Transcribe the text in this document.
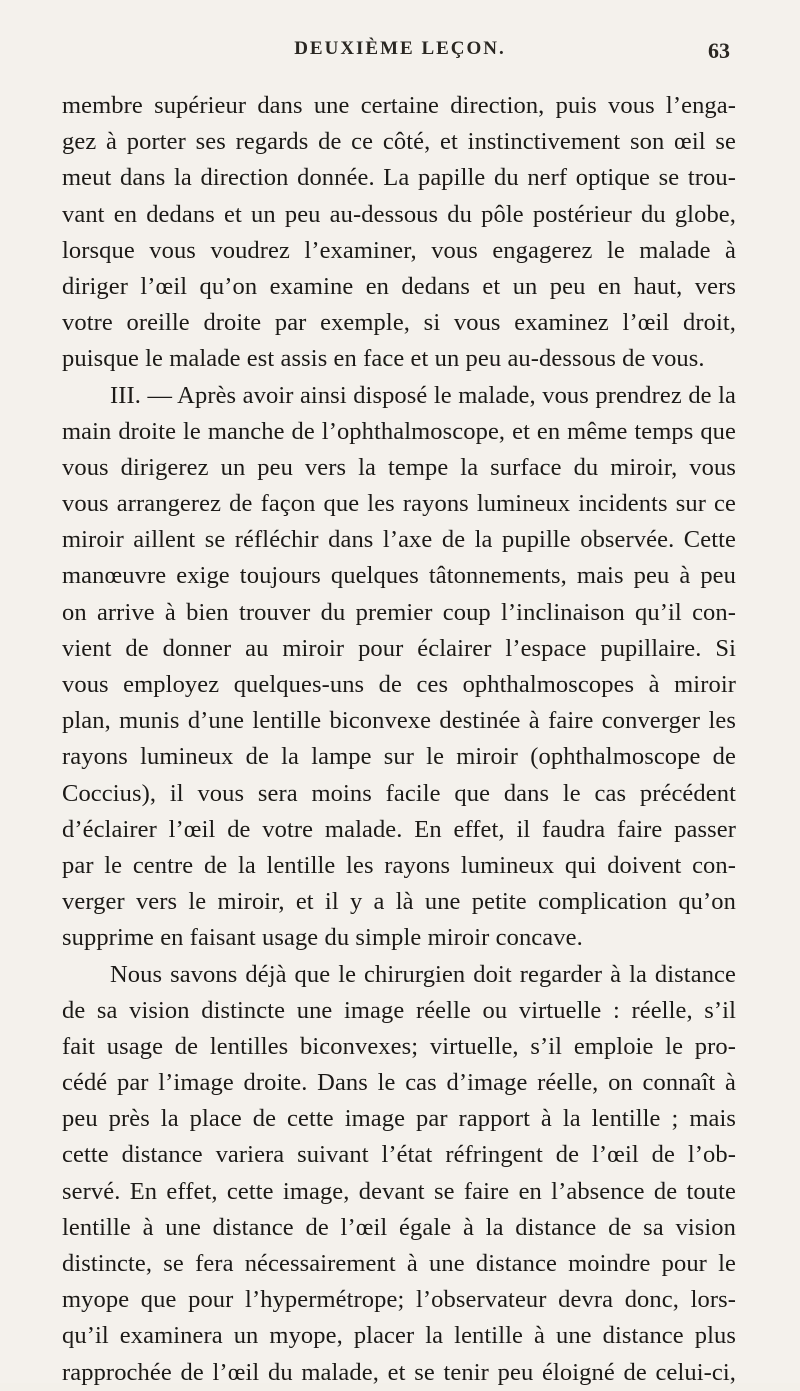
DEUXIÈME LEÇON.	63
membre supérieur dans une certaine direction, puis vous l’enga-
gez à porter ses regards de ce côté, et instinctivement son œil se
meut dans la direction donnée. La papille du nerf optique se trou-
vant en dedans et un peu au-dessous du pôle postérieur du globe,
lorsque vous voudrez l’examiner, vous engagerez le malade à
diriger l’œil qu’on examine en dedans et un peu en haut, vers
votre oreille droite par exemple, si vous examinez l’œil droit,
puisque le malade est assis en face et un peu au-dessous de vous.
III. — Après avoir ainsi disposé le malade, vous prendrez de la
main droite le manche de l’ophthalmoscope, et en même temps que
vous dirigerez un peu vers la tempe la surface du miroir, vous
vous arrangerez de façon que les rayons lumineux incidents sur ce
miroir aillent se réfléchir dans l’axe de la pupille observée. Cette
manœuvre exige toujours quelques tâtonnements, mais peu à peu
on arrive à bien trouver du premier coup l’inclinaison qu’il con-
vient de donner au miroir pour éclairer l’espace pupillaire. Si
vous employez quelques-uns de ces ophthalmoscopes à miroir
plan, munis d’une lentille biconvexe destinée à faire converger les
rayons lumineux de la lampe sur le miroir (ophthalmoscope de
Coccius), il vous sera moins facile que dans le cas précédent
d’éclairer l’œil de votre malade. En effet, il faudra faire passer
par le centre de la lentille les rayons lumineux qui doivent con-
verger vers le miroir, et il y a là une petite complication qu’on
supprime en faisant usage du simple miroir concave.
Nous savons déjà que le chirurgien doit regarder à la distance
de sa vision distincte une image réelle ou virtuelle : réelle, s’il
fait usage de lentilles biconvexes; virtuelle, s’il emploie le pro-
cédé par l’image droite. Dans le cas d’image réelle, on connaît à
peu près la place de cette image par rapport à la lentille ; mais
cette distance variera suivant l’état réfringent de l’œil de l’ob-
servé. En effet, cette image, devant se faire en l’absence de toute
lentille à une distance de l’œil égale à la distance de sa vision
distincte, se fera nécessairement à une distance moindre pour le
myope que pour l’hypermétrope; l’observateur devra donc, lors-
qu’il examinera un myope, placer la lentille à une distance plus
rapprochée de l’œil du malade, et se tenir peu éloigné de celui-ci,
